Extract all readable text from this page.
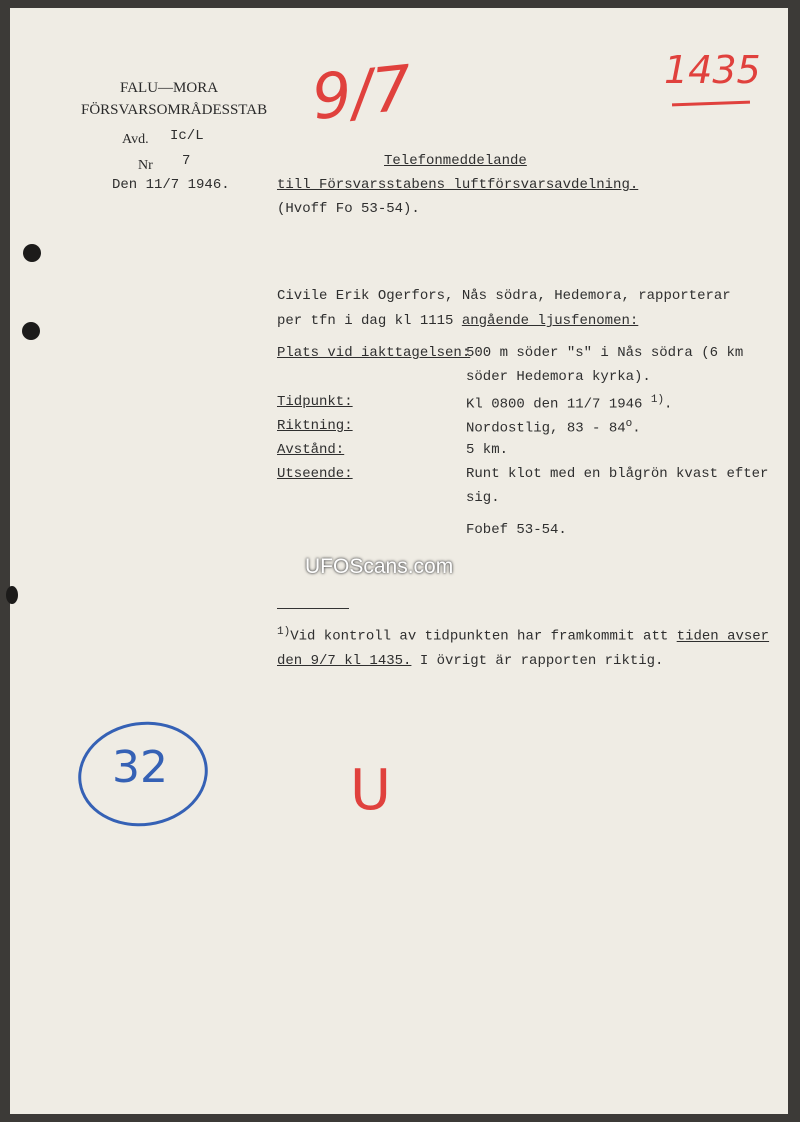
FALU—MORA
FÖRSVARSOMRÅDESSTAB
Avd. Ic/L
Nr 7
Den 11/7 1946.
9/7	1435
U
32
Telefonmeddelande
till Försvarsstabens luftförsvarsavdelning.
(Hvoff Fo 53-54).
Civile Erik Ogerfors, Nås södra, Hedemora, rapporterar
per tfn i dag kl 1115 angående ljusfenomen:
Plats vid iakttagelsen:
500 m söder "s" i Nås södra (6 km
söder Hedemora kyrka).
Tidpunkt:	Kl 0800 den 11/7 1946 $^{1)}$.
Riktning:	Nordostlig, 83 - 84$^o$.
Avstånd:	5 km.
Utseende:	Runt klot med en blågrön kvast efter
sig.
Fobef 53-54.
UFOScans.com
$^{1)}$Vid kontroll av tidpunkten har framkommit att tiden avser
den 9/7 kl 1435. I övrigt är rapporten riktig.
